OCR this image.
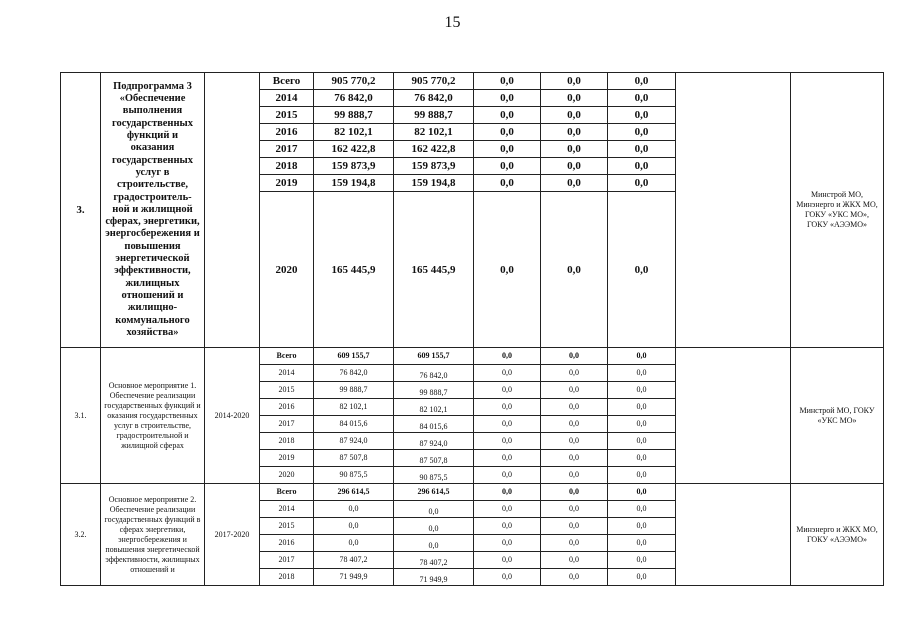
15
3.	Подпрограмма 3 «Обеспечение выполнения государственных функций и оказания государственных услуг в строительстве, градостроитель-ной и жилищной сферах, энергетики, энергосбережения и повышения энергетической эффективности, жилищных отношений и жилищно-коммунального хозяйства»		Всего	905 770,2	905 770,2	0,0	0,0	0,0		Минстрой МО, Минэнерго и ЖКХ МО, ГОКУ «УКС МО», ГОКУ «АЭЭМО»
			2014	76 842,0	76 842,0	0,0	0,0	0,0		
			2015	99 888,7	99 888,7	0,0	0,0	0,0		
			2016	82 102,1	82 102,1	0,0	0,0	0,0		
			2017	162 422,8	162 422,8	0,0	0,0	0,0		
			2018	159 873,9	159 873,9	0,0	0,0	0,0		
			2019	159 194,8	159 194,8	0,0	0,0	0,0		
			2020	165 445,9	165 445,9	0,0	0,0	0,0		
3.1.	Основное мероприятие 1. Обеспечение реализации государственных функций и оказания государственных услуг в строительстве, градостроительной и жилищной сферах	2014-2020	Всего	609 155,7	609 155,7	0,0	0,0	0,0		Минстрой МО, ГОКУ «УКС МО»
			2014	76 842,0	76 842,0	0,0	0,0	0,0		
			2015	99 888,7	99 888,7	0,0	0,0	0,0		
			2016	82 102,1	82 102,1	0,0	0,0	0,0		
			2017	84 015,6	84 015,6	0,0	0,0	0,0		
			2018	87 924,0	87 924,0	0,0	0,0	0,0		
			2019	87 507,8	87 507,8	0,0	0,0	0,0		
			2020	90 875,5	90 875,5	0,0	0,0	0,0		
3.2.	Основное мероприятие 2. Обеспечение реализации государственных функций в сферах энергетики, энергосбережения и повышения энергетической эффективности, жилищных отношений и	2017-2020	Всего	296 614,5	296 614,5	0,0	0,0	0,0		Минэнерго и ЖКХ МО, ГОКУ «АЭЭМО»
			2014	0,0	0,0	0,0	0,0	0,0		
			2015	0,0	0,0	0,0	0,0	0,0		
			2016	0,0	0,0	0,0	0,0	0,0		
			2017	78 407,2	78 407,2	0,0	0,0	0,0		
			2018	71 949,9	71 949,9	0,0	0,0	0,0		
